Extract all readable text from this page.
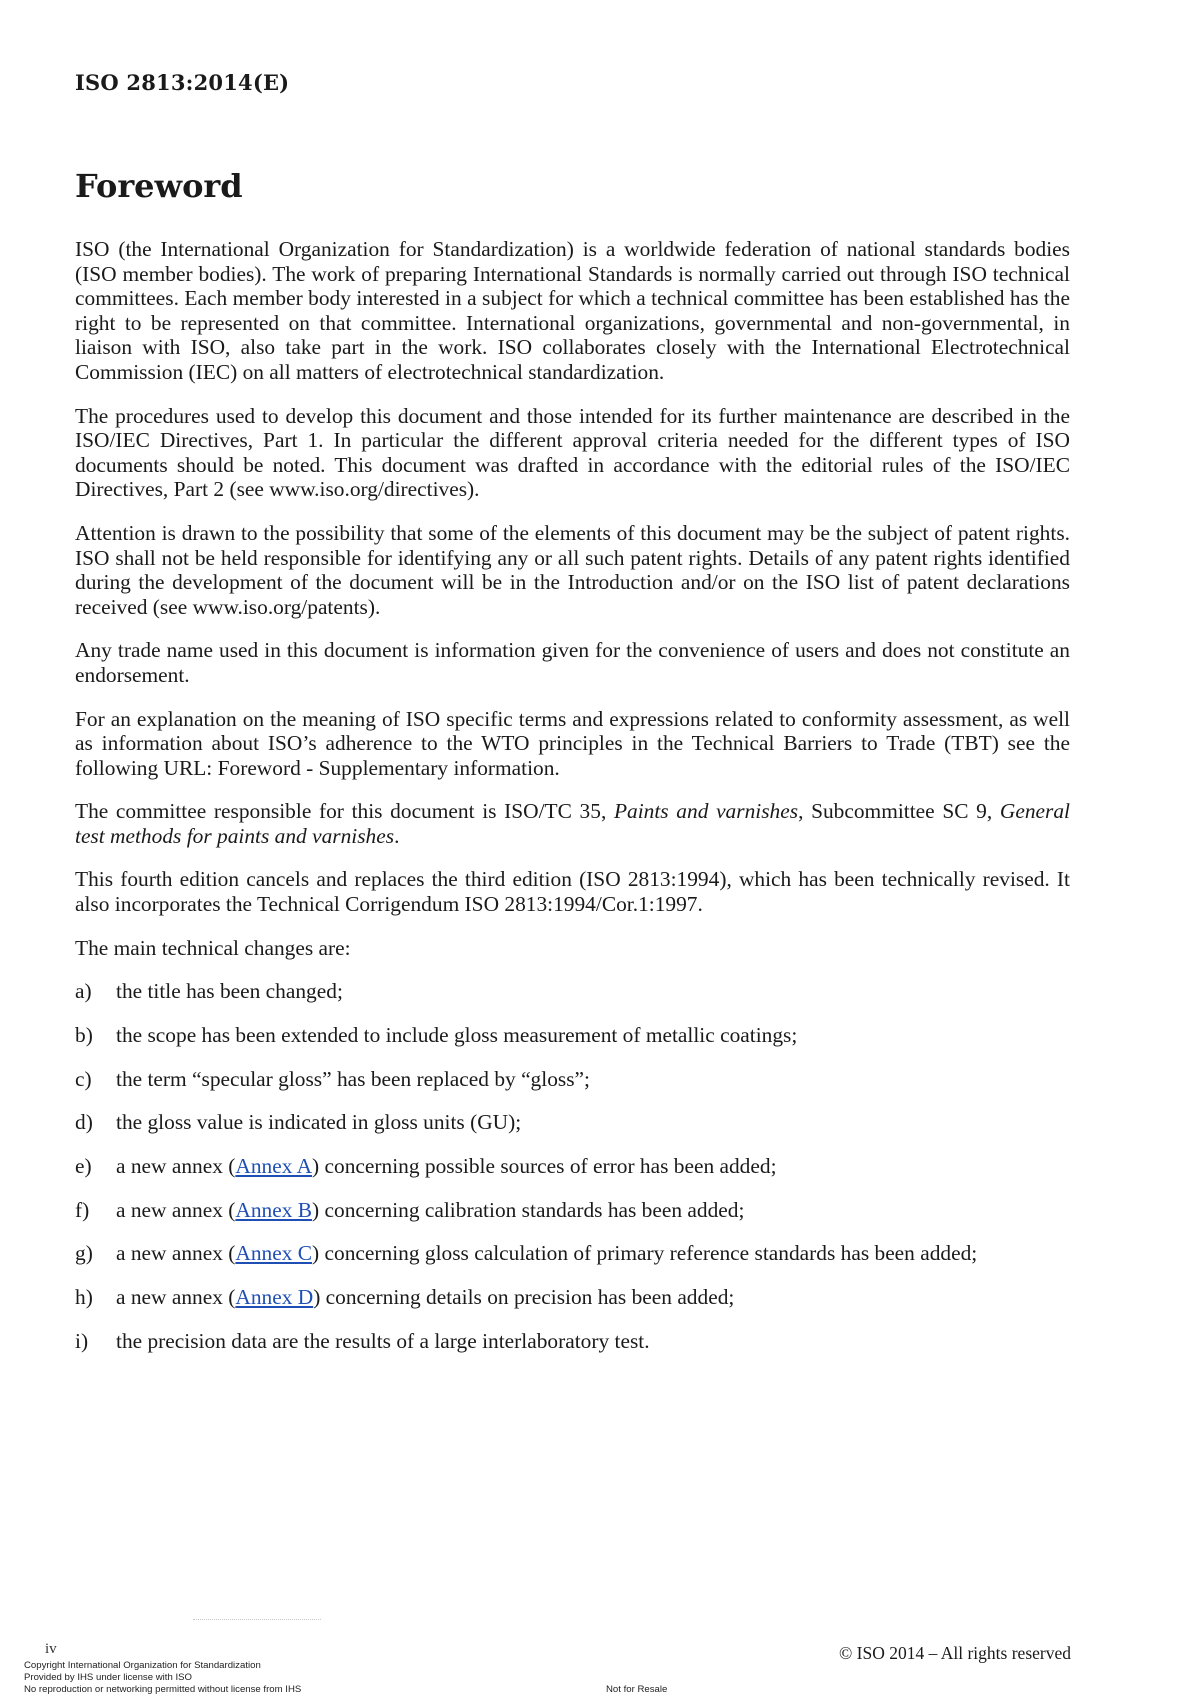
ISO 2813:2014(E)
Foreword

ISO (the International Organization for Standardization) is a worldwide federation of national standards bodies (ISO member bodies). The work of preparing International Standards is normally carried out through ISO technical committees. Each member body interested in a subject for which a technical committee has been established has the right to be represented on that committee. International organizations, governmental and non-governmental, in liaison with ISO, also take part in the work. ISO collaborates closely with the International Electrotechnical Commission (IEC) on all matters of electrotechnical standardization.

The procedures used to develop this document and those intended for its further maintenance are described in the ISO/IEC Directives, Part 1. In particular the different approval criteria needed for the different types of ISO documents should be noted. This document was drafted in accordance with the editorial rules of the ISO/IEC Directives, Part 2 (see www.iso.org/directives).

Attention is drawn to the possibility that some of the elements of this document may be the subject of patent rights. ISO shall not be held responsible for identifying any or all such patent rights. Details of any patent rights identified during the development of the document will be in the Introduction and/or on the ISO list of patent declarations received (see www.iso.org/patents).

Any trade name used in this document is information given for the convenience of users and does not constitute an endorsement.

For an explanation on the meaning of ISO specific terms and expressions related to conformity assessment, as well as information about ISO’s adherence to the WTO principles in the Technical Barriers to Trade (TBT) see the following URL: Foreword - Supplementary information.

The committee responsible for this document is ISO/TC 35, Paints and varnishes, Subcommittee SC 9, General test methods for paints and varnishes.

This fourth edition cancels and replaces the third edition (ISO 2813:1994), which has been technically revised. It also incorporates the Technical Corrigendum ISO 2813:1994/Cor.1:1997.

The main technical changes are:

a)	the title has been changed;
b)	the scope has been extended to include gloss measurement of metallic coatings;
c)	the term “specular gloss” has been replaced by “gloss”;
d)	the gloss value is indicated in gloss units (GU);
e)	a new annex (Annex A) concerning possible sources of error has been added;
f)	a new annex (Annex B) concerning calibration standards has been added;
g)	a new annex (Annex C) concerning gloss calculation of primary reference standards has been added;
h)	a new annex (Annex D) concerning details on precision has been added;
i)	the precision data are the results of a large interlaboratory test.
iv	© ISO 2014 – All rights reserved
Copyright International Organization for Standardization
Provided by IHS under license with ISO
No reproduction or networking permitted without license from IHS	Not for Resale
